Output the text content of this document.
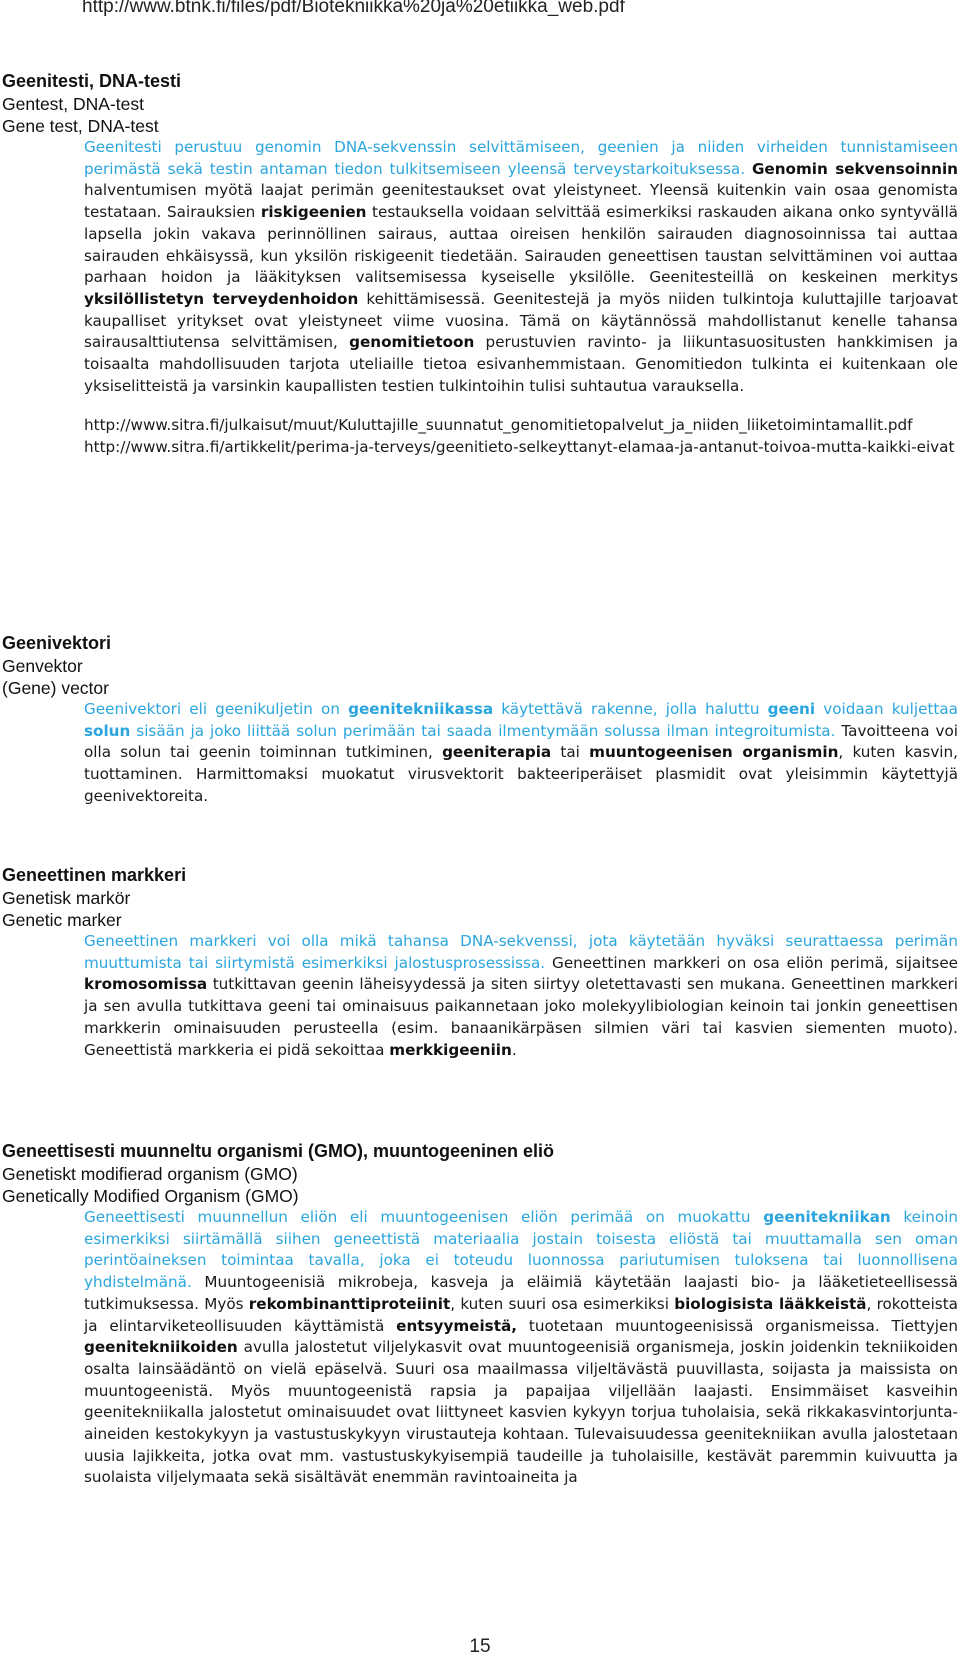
http://www.btnk.fi/files/pdf/Biotekniikka%20ja%20etiikka_web.pdf

Geenitesti, DNA-testi

Gentest, DNA-test

Gene test, DNA-test

Geenitesti perustuu genomin DNA-sekvenssin selvittämiseen, geenien ja niiden virheiden tunnistamiseen perimästä sekä testin antaman tiedon tulkitsemiseen yleensä terveystarkoituksessa. Genomin sekvensoinnin halventumisen myötä laajat perimän geenitestaukset ovat yleistyneet. Yleensä kuitenkin vain osaa genomista testataan. Sairauksien riskigeenien testauksella voidaan selvittää esimerkiksi raskauden aikana onko syntyvällä lapsella jokin vakava perinnöllinen sairaus, auttaa oireisen henkilön sairauden diagnosoinnissa tai auttaa sairauden ehkäisyssä, kun yksilön riskigeenit tiedetään. Sairauden geneettisen taustan selvittäminen voi auttaa parhaan hoidon ja lääkityksen valitsemisessa kyseiselle yksilölle. Geenitesteillä on keskeinen merkitys yksilöllistetyn terveydenhoidon kehittämisessä. Geenitestejä ja myös niiden tulkintoja kuluttajille tarjoavat kaupalliset yritykset ovat yleistyneet viime vuosina. Tämä on käytännössä mahdollistanut kenelle tahansa sairausalttiutensa selvittämisen, genomitietoon perustuvien ravinto- ja liikuntasuositusten hankkimisen ja toisaalta mahdollisuuden tarjota uteliaille tietoa esivanhemmistaan. Genomitiedon tulkinta ei kuitenkaan ole yksiselitteistä ja varsinkin kaupallisten testien tulkintoihin tulisi suhtautua varauksella.

http://www.sitra.fi/julkaisut/muut/Kuluttajille_suunnatut_genomitietopalvelut_ja_niiden_liiketoimintamallit.pdf
http://www.sitra.fi/artikkelit/perima-ja-terveys/geenitieto-selkeyttanyt-elamaa-ja-antanut-toivoa-mutta-kaikki-eivat

Geenivektori

Genvektor

(Gene) vector

Geenivektori eli geenikuljetin on geenitekniikassa käytettävä rakenne, jolla haluttu geeni voidaan kuljettaa solun sisään ja joko liittää solun perimään tai saada ilmentymään solussa ilman integroitumista. Tavoitteena voi olla solun tai geenin toiminnan tutkiminen, geeniterapia tai muuntogeenisen organismin, kuten kasvin, tuottaminen. Harmittomaksi muokatut virusvektorit bakteeriperäiset plasmidit ovat yleisimmin käytettyjä geenivektoreita.

Geneettinen markkeri

Genetisk markör

Genetic marker

Geneettinen markkeri voi olla mikä tahansa DNA-sekvenssi, jota käytetään hyväksi seurattaessa perimän muuttumista tai siirtymistä esimerkiksi jalostusprosessissa. Geneettinen markkeri on osa eliön perimä, sijaitsee kromosomissa tutkittavan geenin läheisyydessä ja siten siirtyy oletettavasti sen mukana. Geneettinen markkeri ja sen avulla tutkittava geeni tai ominaisuus paikannetaan joko molekyylibiologian keinoin tai jonkin geneettisen markkerin ominaisuuden perusteella (esim. banaanikärpäsen silmien väri tai kasvien siementen muoto). Geneettistä markkeria ei pidä sekoittaa merkkigeeniin.

Geneettisesti muunneltu organismi (GMO), muuntogeeninen eliö

Genetiskt modifierad organism (GMO)

Genetically Modified Organism (GMO)

Geneettisesti muunnellun eliön eli muuntogeenisen eliön perimää on muokattu geenitekniikan keinoin esimerkiksi siirtämällä siihen geneettistä materiaalia jostain toisesta eliöstä tai muuttamalla sen oman perintöaineksen toimintaa tavalla, joka ei toteudu luonnossa pariutumisen tuloksena tai luonnollisena yhdistelmänä. Muuntogeenisiä mikrobeja, kasveja ja eläimiä käytetään laajasti bio- ja lääketieteellisessä tutkimuksessa. Myös rekombinanttiproteiinit, kuten suuri osa esimerkiksi biologisista lääkkeistä, rokotteista ja elintarviketeollisuuden käyttämistä entsyymeistä, tuotetaan muuntogeenisissä organismeissa. Tiettyjen geenitekniikoiden avulla jalostetut viljelykasvit ovat muuntogeenisiä organismeja, joskin joidenkin tekniikoiden osalta lainsäädäntö on vielä epäselvä. Suuri osa maailmassa viljeltävästä puuvillasta, soijasta ja maissista on muuntogeenistä. Myös muuntogeenistä rapsia ja papaijaa viljellään laajasti. Ensimmäiset kasveihin geenitekniikalla jalostetut ominaisuudet ovat liittyneet kasvien kykyyn torjua tuholaisia, sekä rikkakasvintorjunta-aineiden kestokykyyn ja vastustuskykyyn virustauteja kohtaan. Tulevaisuudessa geenitekniikan avulla jalostetaan uusia lajikkeita, jotka ovat mm. vastustuskykyisempiä taudeille ja tuholaisille, kestävät paremmin kuivuutta ja suolaista viljelymaata sekä sisältävät enemmän ravintoaineita ja

15
